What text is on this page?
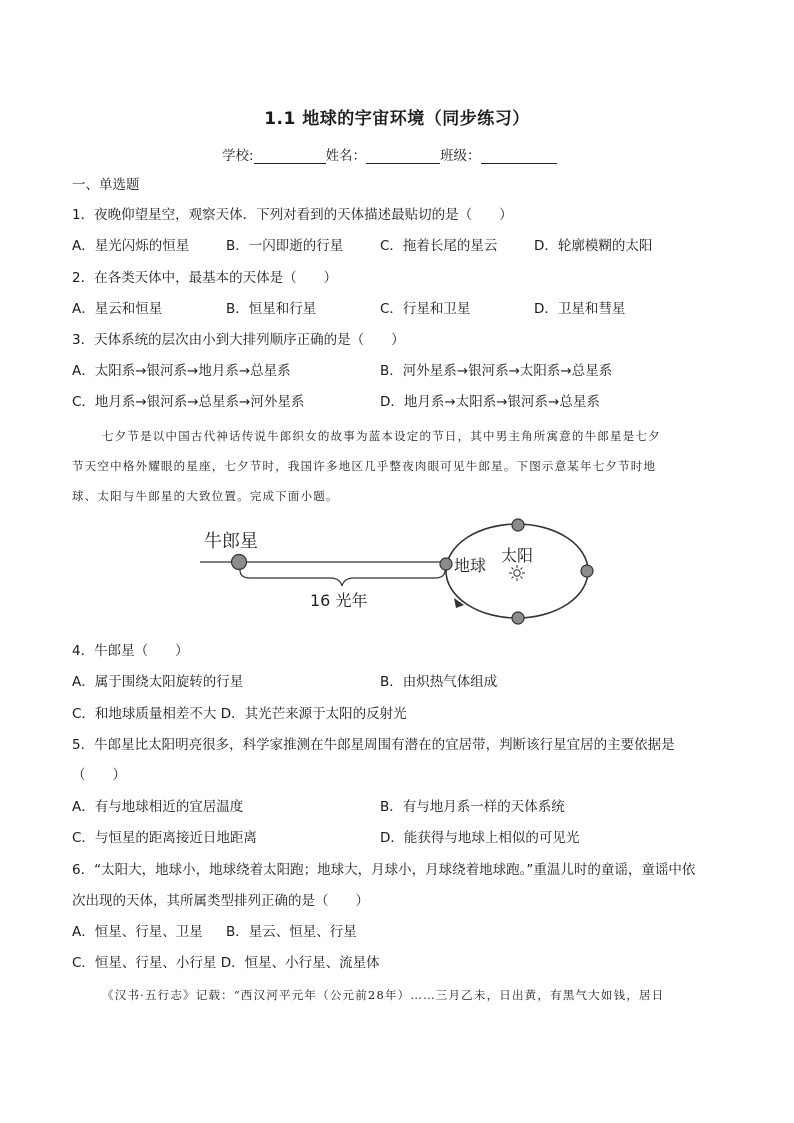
1.1 地球的宇宙环境（同步练习）
学校:	姓名：	班级：
一、单选题
1．夜晚仰望星空，观察天体．下列对看到的天体描述最贴切的是（　　）
A．星光闪烁的恒星	B．一闪即逝的行星	C．拖着长尾的星云	D．轮廓模糊的太阳
2．在各类天体中，最基本的天体是（　　）
A．星云和恒星	B．恒星和行星	C．行星和卫星	D．卫星和彗星
3．天体系统的层次由小到大排列顺序正确的是（　　）
A．太阳系→银河系→地月系→总星系	B．河外星系→银河系→太阳系→总星系
C．地月系→银河系→总星系→河外星系	D．地月系→太阳系→银河系→总星系
七夕节是以中国古代神话传说牛郎织女的故事为蓝本设定的节日，其中男主角所寓意的牛郎星是七夕
节天空中格外耀眼的星座，七夕节时，我国许多地区几乎整夜肉眼可见牛郎星。下图示意某年七夕节时地
球、太阳与牛郎星的大致位置。完成下面小题。
牛郎星
16 光年
地球
太阳
4．牛郎星（　　）
A．属于围绕太阳旋转的行星	B．由炽热气体组成
C．和地球质量相差不大 D．其光芒来源于太阳的反射光
5．牛郎星比太阳明亮很多，科学家推测在牛郎星周围有潜在的宜居带，判断该行星宜居的主要依据是
（　　）
A．有与地球相近的宜居温度	B．有与地月系一样的天体系统
C．与恒星的距离接近日地距离	D．能获得与地球上相似的可见光
6．“太阳大，地球小，地球绕着太阳跑；地球大，月球小，月球绕着地球跑。”重温儿时的童谣，童谣中依
次出现的天体，其所属类型排列正确的是（　　）
A．恒星、行星、卫星 B．星云、恒星、行星
C．恒星、行星、小行星 D．恒星、小行星、流星体
《汉书·五行志》记载：“西汉河平元年（公元前28年）……三月乙未，日出黄，有黑气大如钱，居日
